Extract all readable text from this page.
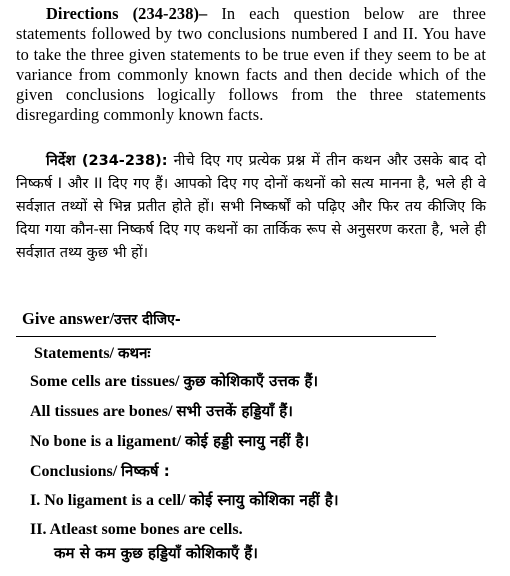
Directions (234-238)– In each question below are three statements followed by two conclusions numbered I and II. You have to take the three given statements to be true even if they seem to be at variance from commonly known facts and then decide which of the given conclusions logically follows from the three statements disregarding commonly known facts.
निर्देश (234-238): नीचे दिए गए प्रत्येक प्रश्न में तीन कथन और उसके बाद दो निष्कर्ष I और II दिए गए हैं। आपको दिए गए दोनों कथनों को सत्य मानना है, भले ही वे सर्वज्ञात तथ्यों से भिन्न प्रतीत होते हों। सभी निष्कर्षों को पढ़िए और फिर तय कीजिए कि दिया गया कौन-सा निष्कर्ष दिए गए कथनों का तार्किक रूप से अनुसरण करता है, भले ही सर्वज्ञात तथ्य कुछ भी हों।
Give answer/उत्तर दीजिए-
Statements/ कथनः
Some cells are tissues/ कुछ कोशिकाएँ उत्तक हैं।
All tissues are bones/ सभी उत्तकें हड्डियाँ हैं।
No bone is a ligament/ कोई हड्डी स्नायु नहीं है।
Conclusions/ निष्कर्ष :
I. No ligament is a cell/ कोई स्नायु कोशिका नहीं है।
II. Atleast some bones are cells.
कम से कम कुछ हड्डियाँ कोशिकाएँ हैं।
